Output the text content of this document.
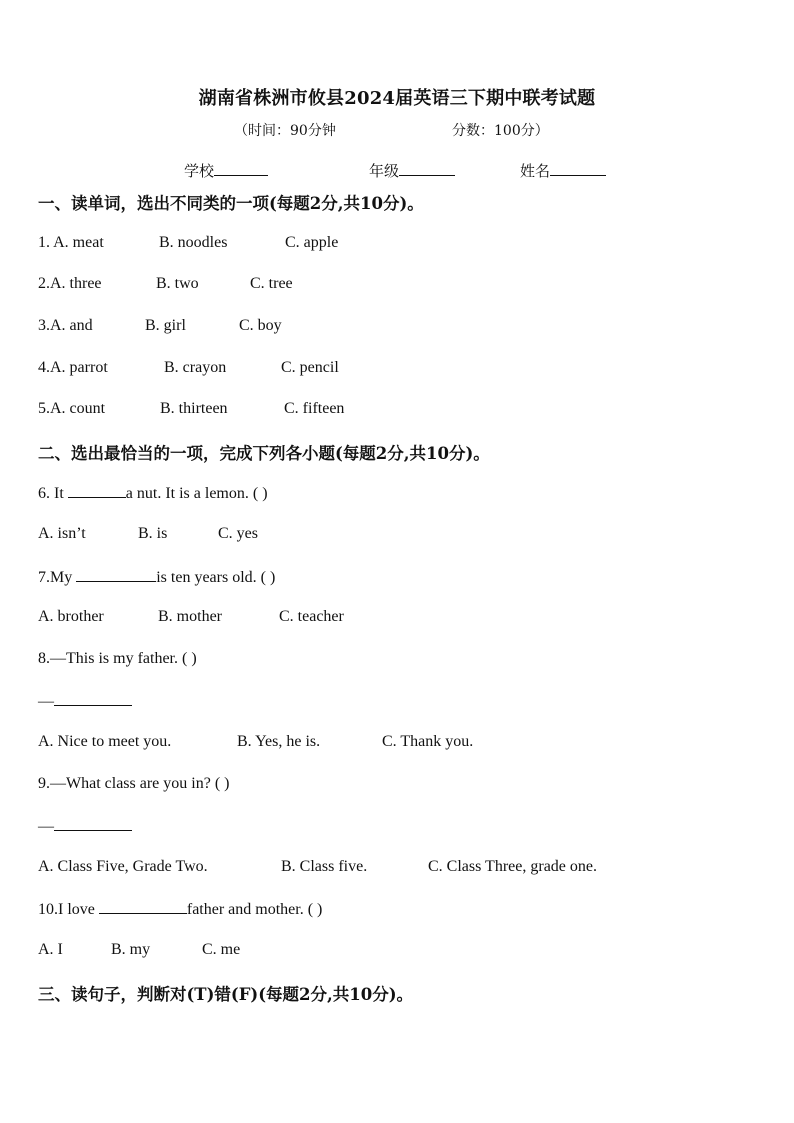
湖南省株洲市攸县2024届英语三下期中联考试题
（时间：90分钟	分数：100分）
学校	年级	姓名
一、读单词，选出不同类的一项(每题2分,共10分)。
1. A. meat	B. noodles	C. apple
2.A. three	B. two	C. tree
3.A. and	B. girl	C. boy
4.A. parrot	B. crayon	C. pencil
5.A. count	B. thirteen	C. fifteen
二、选出最恰当的一项，完成下列各小题(每题2分,共10分)。
6. It	a nut. It is a lemon. ( )
A. isn’t	B. is	C. yes
7.My	is ten years old. ( )
A. brother	B. mother	C. teacher
8.—This is my father. ( )
—
A. Nice to meet you.	B. Yes, he is.	C. Thank you.
9.—What class are you in? ( )
—
A. Class Five, Grade Two.	B. Class five.	C. Class Three, grade one.
10.I love	father and mother. ( )
A. I	B. my	C. me
三、读句子，判断对(T)错(F)(每题2分,共10分)。
